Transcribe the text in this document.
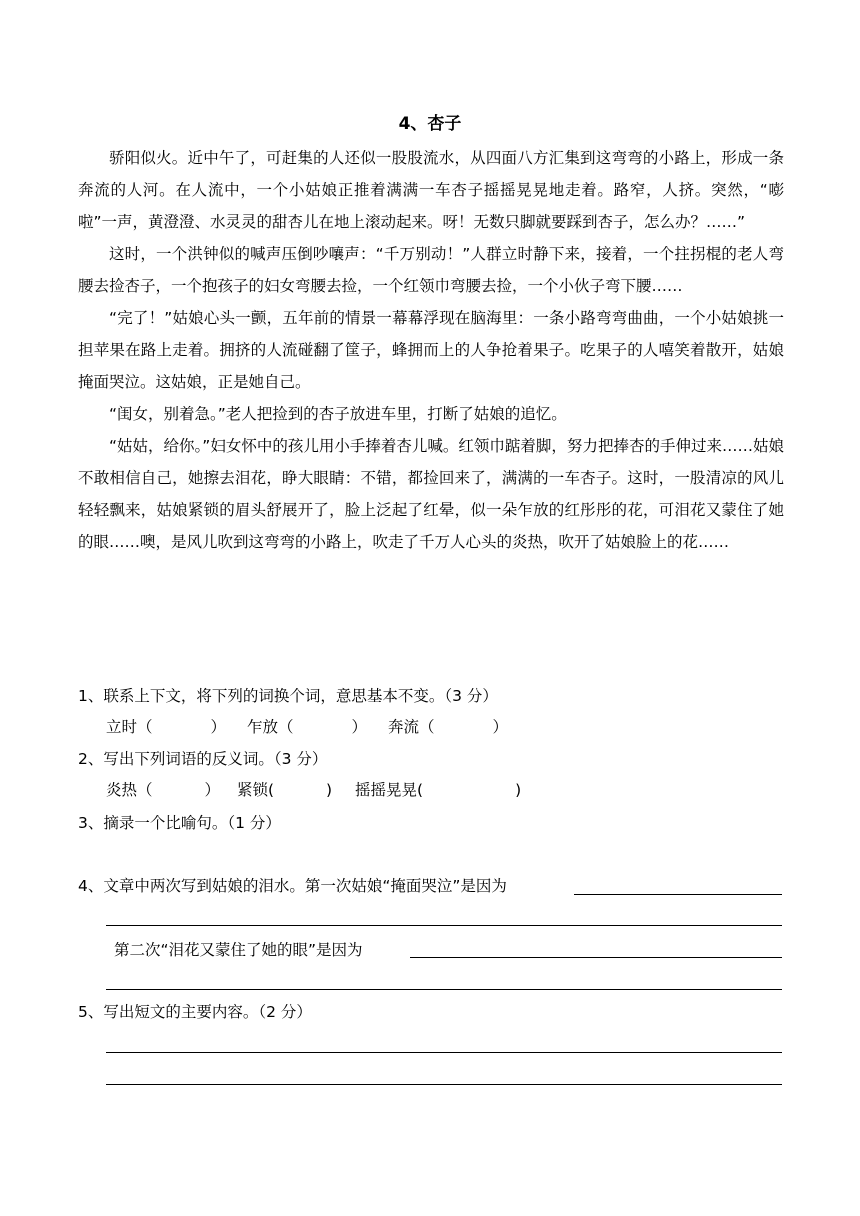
4、杏子

骄阳似火。近中午了，可赶集的人还似一股股流水，从四面八方汇集到这弯弯的小路上，形成一条奔流的人河。在人流中，一个小姑娘正推着满满一车杏子摇摇晃晃地走着。路窄，人挤。突然，“嘭啦”一声，黄澄澄、水灵灵的甜杏儿在地上滚动起来。呀！无数只脚就要踩到杏子，怎么办？……”

这时，一个洪钟似的喊声压倒吵嚷声：“千万别动！”人群立时静下来，接着，一个拄拐棍的老人弯腰去捡杏子，一个抱孩子的妇女弯腰去捡，一个红领巾弯腰去捡，一个小伙子弯下腰……

“完了！”姑娘心头一颤，五年前的情景一幕幕浮现在脑海里：一条小路弯弯曲曲，一个小姑娘挑一担苹果在路上走着。拥挤的人流碰翻了筐子，蜂拥而上的人争抢着果子。吃果子的人嘻笑着散开，姑娘掩面哭泣。这姑娘，正是她自己。

“闺女，别着急。”老人把捡到的杏子放进车里，打断了姑娘的追忆。

“姑姑，给你。”妇女怀中的孩儿用小手捧着杏儿喊。红领巾踮着脚，努力把捧杏的手伸过来……姑娘不敢相信自己，她擦去泪花，睁大眼睛：不错，都捡回来了，满满的一车杏子。这时，一股清凉的风儿轻轻飘来，姑娘紧锁的眉头舒展开了，脸上泛起了红晕，似一朵乍放的红彤彤的花，可泪花又蒙住了她的眼……噢，是风儿吹到这弯弯的小路上，吹走了千万人心头的炎热，吹开了姑娘脸上的花……

1、联系上下文，将下列的词换个词，意思基本不变。（3 分）
立时（	） 乍放（	） 奔流（	）
2、写出下列词语的反义词。（3 分）
炎热（	） 紧锁(	) 摇摇晃晃(	)
3、摘录一个比喻句。（1 分）
4、文章中两次写到姑娘的泪水。第一次姑娘“掩面哭泣”是因为
第二次“泪花又蒙住了她的眼”是因为
5、写出短文的主要内容。（2 分）
